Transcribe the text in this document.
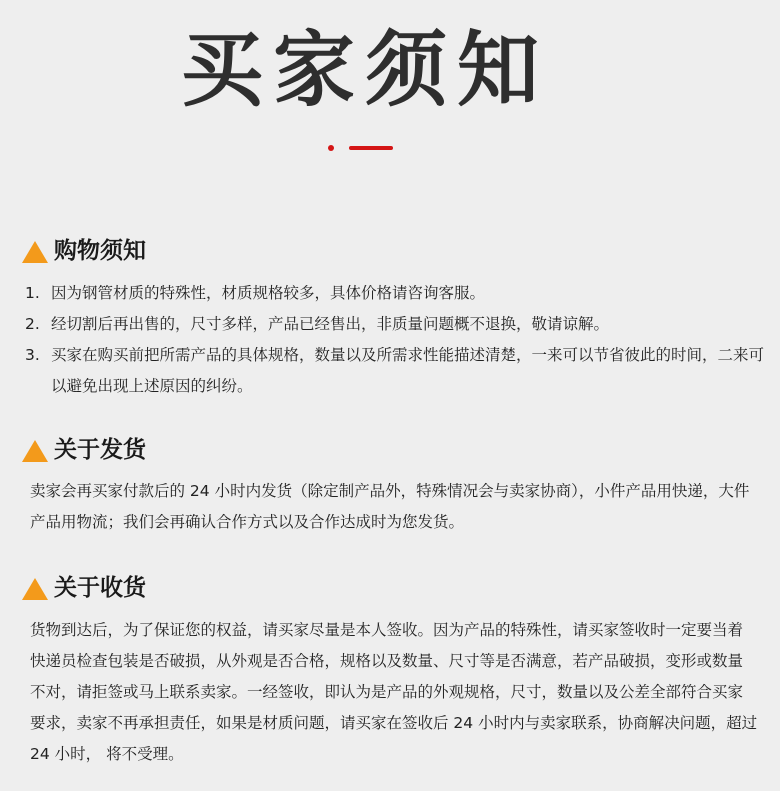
买家须知
购物须知
1. 因为钢管材质的特殊性，材质规格较多，具体价格请咨询客服。
2. 经切割后再出售的，尺寸多样，产品已经售出，非质量问题概不退换，敬请谅解。
3. 买家在购买前把所需产品的具体规格，数量以及所需求性能描述清楚，一来可以节省彼此的时间，二来可以避免出现上述原因的纠纷。
关于发货

卖家会再买家付款后的 24 小时内发货（除定制产品外，特殊情况会与卖家协商），小件产品用快递，大件产品用物流；我们会再确认合作方式以及合作达成时为您发货。

关于收货

货物到达后，为了保证您的权益，请买家尽量是本人签收。因为产品的特殊性，请买家签收时一定要当着快递员检查包装是否破损，从外观是否合格，规格以及数量、尺寸等是否满意，若产品破损，变形或数量不对，请拒签或马上联系卖家。一经签收，即认为是产品的外观规格，尺寸，数量以及公差全部符合买家要求，卖家不再承担责任，如果是材质问题，请买家在签收后 24 小时内与卖家联系，协商解决问题，超过 24 小时， 将不受理。
